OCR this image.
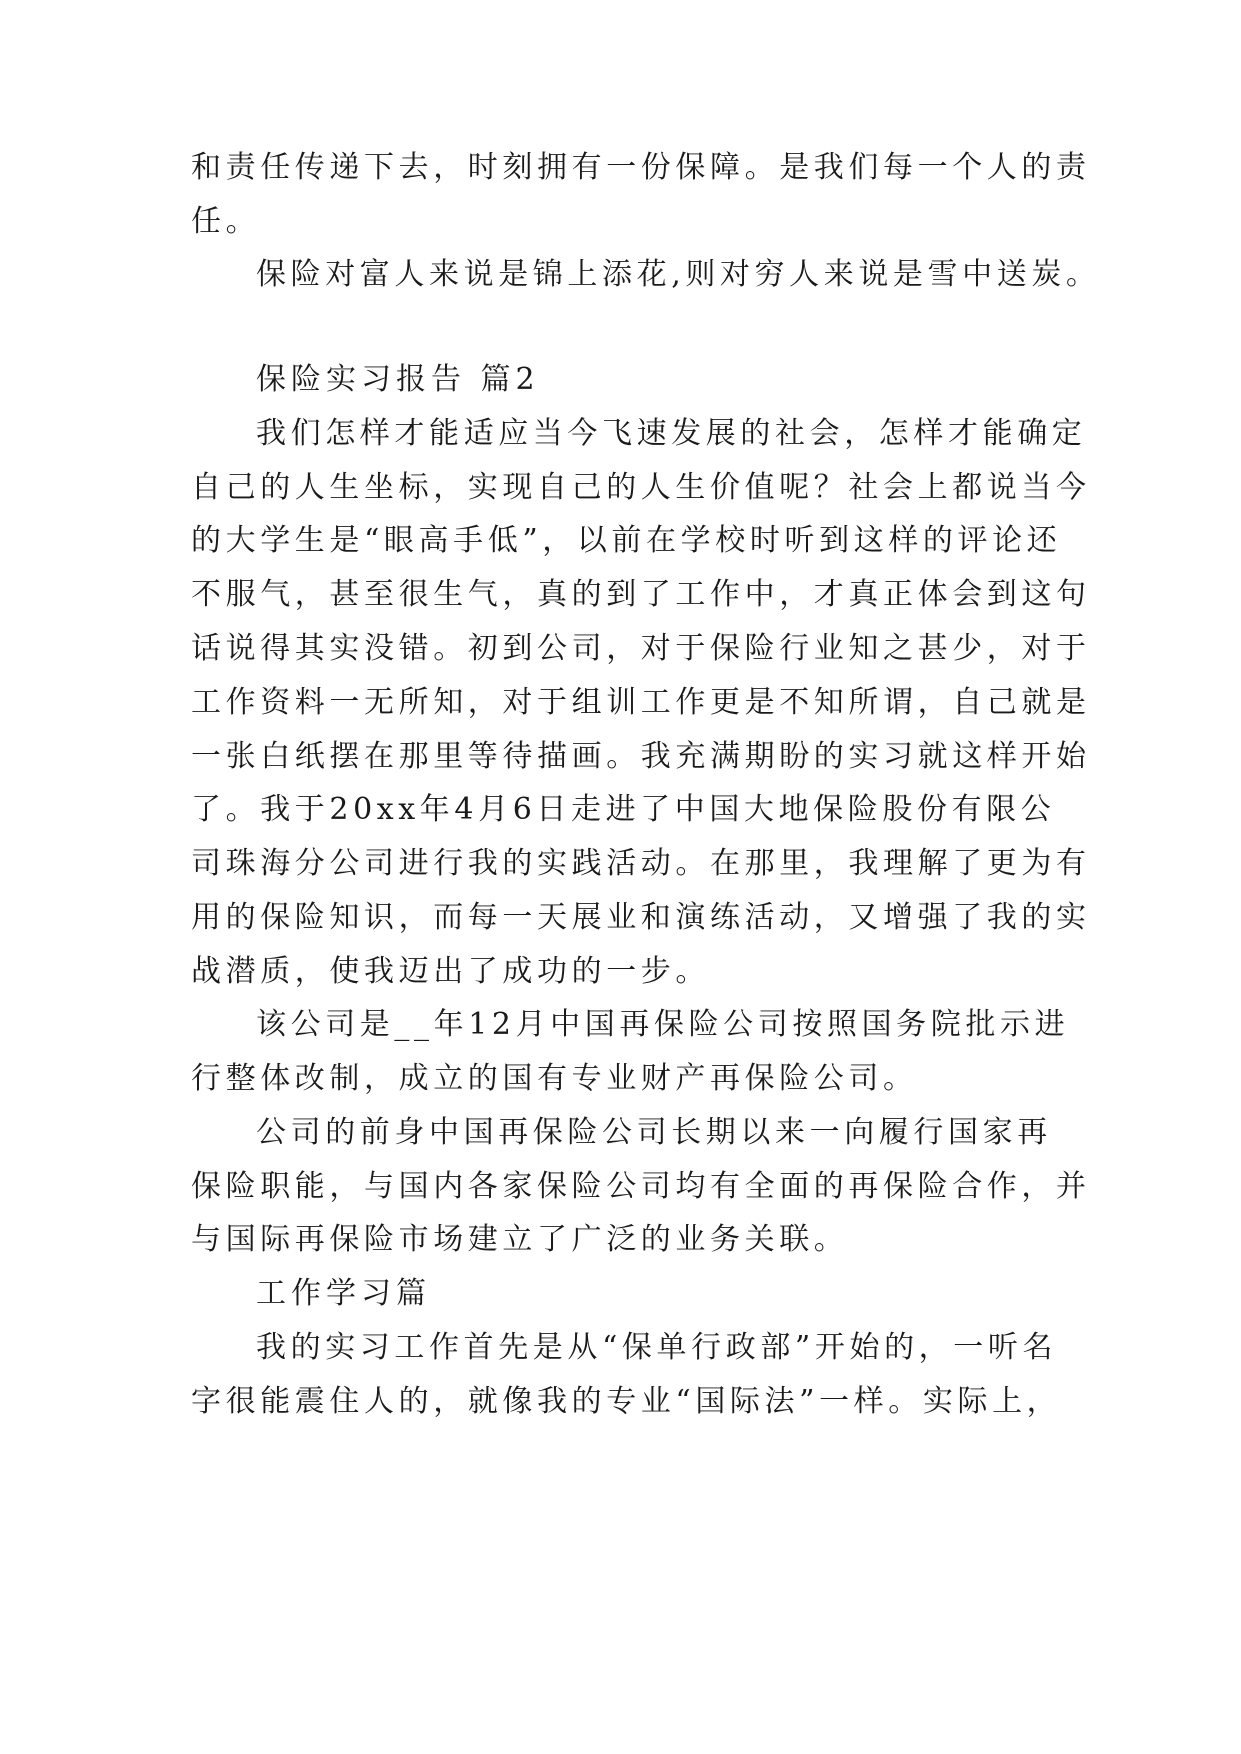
和责任传递下去，时刻拥有一份保障。是我们每一个人的责
任。
保险对富人来说是锦上添花,则对穷人来说是雪中送炭。
保险实习报告 篇2
我们怎样才能适应当今飞速发展的社会，怎样才能确定
自己的人生坐标，实现自己的人生价值呢？社会上都说当今
的大学生是“眼高手低”，以前在学校时听到这样的评论还
不服气，甚至很生气，真的到了工作中，才真正体会到这句
话说得其实没错。初到公司，对于保险行业知之甚少，对于
工作资料一无所知，对于组训工作更是不知所谓，自己就是
一张白纸摆在那里等待描画。我充满期盼的实习就这样开始
了。我于20xx年4月6日走进了中国大地保险股份有限公
司珠海分公司进行我的实践活动。在那里，我理解了更为有
用的保险知识，而每一天展业和演练活动，又增强了我的实
战潜质，使我迈出了成功的一步。
该公司是__年12月中国再保险公司按照国务院批示进
行整体改制，成立的国有专业财产再保险公司。
公司的前身中国再保险公司长期以来一向履行国家再
保险职能，与国内各家保险公司均有全面的再保险合作，并
与国际再保险市场建立了广泛的业务关联。
工作学习篇
我的实习工作首先是从“保单行政部”开始的，一听名
字很能震住人的，就像我的专业“国际法”一样。实际上，
